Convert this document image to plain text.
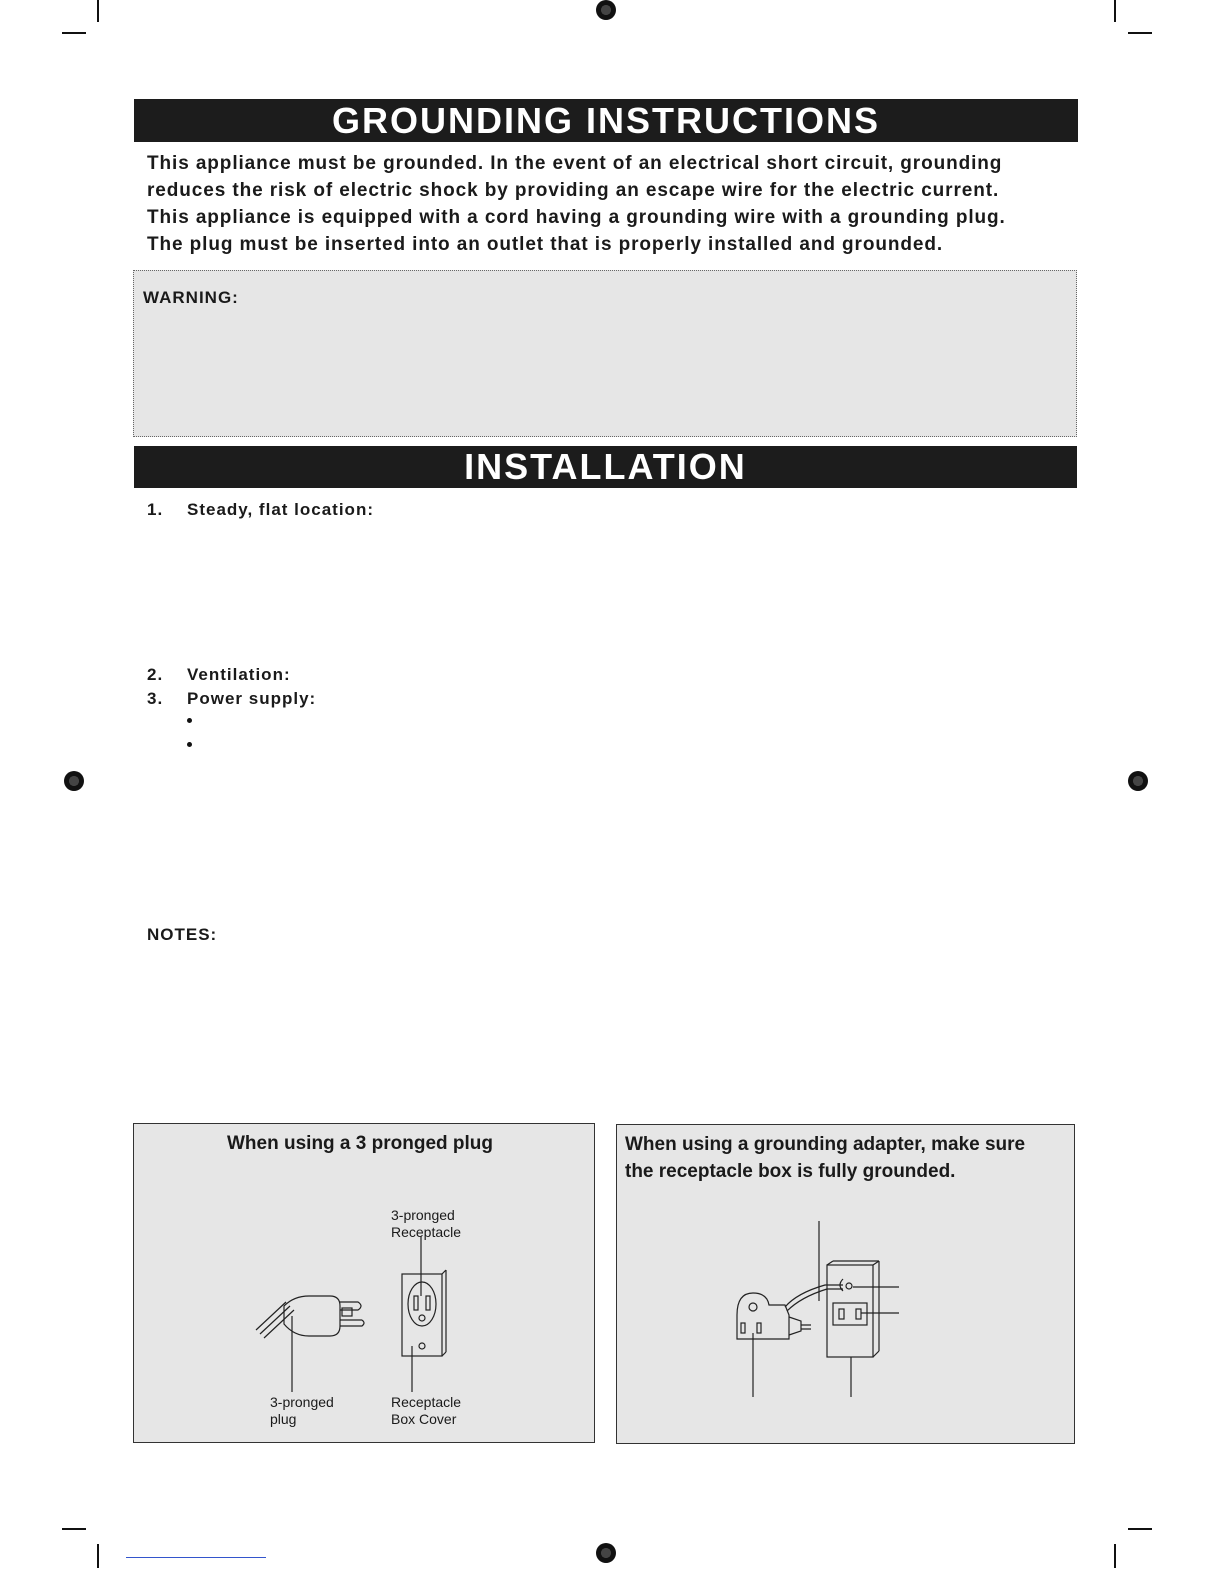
GROUNDING INSTRUCTIONS

This appliance must be grounded. In the event of an electrical short circuit, grounding

reduces the risk of electric shock by providing an escape wire for the electric current.

This appliance is equipped with a cord having a grounding wire with a grounding plug.

The plug must be inserted into an outlet that is properly installed and grounded.

WARNING:
INSTALLATION
1. Steady, flat location:
2. Ventilation:
3. Power supply:
NOTES:
When using a 3 pronged plug
3-pronged
Receptacle
3-pronged
plug
Receptacle
Box Cover
When using a grounding adapter, make sure
the receptacle box is fully grounded.
